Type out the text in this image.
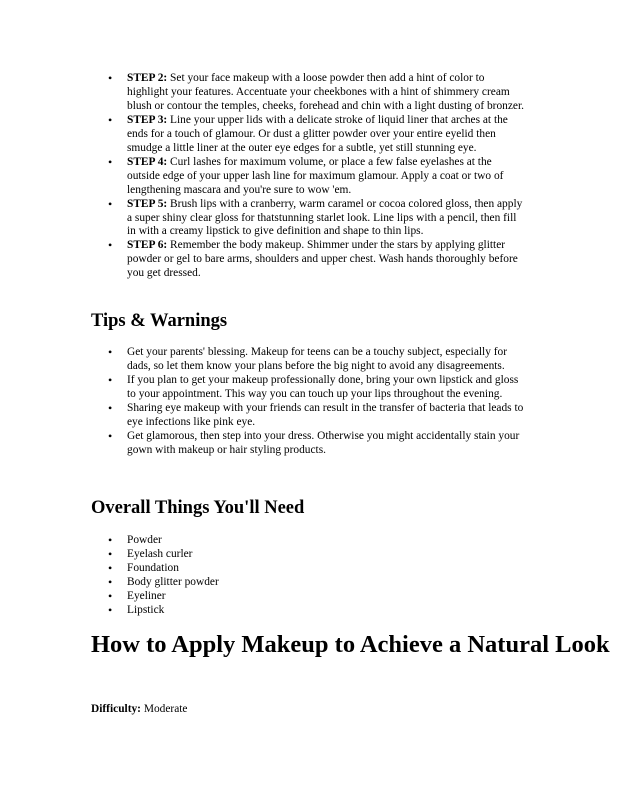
• STEP 2: Set your face makeup with a loose powder then add a hint of color to highlight your features. Accentuate your cheekbones with a hint of shimmery cream blush or contour the temples, cheeks, forehead and chin with a light dusting of bronzer.
• STEP 3: Line your upper lids with a delicate stroke of liquid liner that arches at the ends for a touch of glamour. Or dust a glitter powder over your entire eyelid then smudge a little liner at the outer eye edges for a subtle, yet still stunning eye.
• STEP 4: Curl lashes for maximum volume, or place a few false eyelashes at the outside edge of your upper lash line for maximum glamour. Apply a coat or two of lengthening mascara and you're sure to wow 'em.
• STEP 5: Brush lips with a cranberry, warm caramel or cocoa colored gloss, then apply a super shiny clear gloss for thatstunning starlet look. Line lips with a pencil, then fill in with a creamy lipstick to give definition and shape to thin lips.
• STEP 6: Remember the body makeup. Shimmer under the stars by applying glitter powder or gel to bare arms, shoulders and upper chest. Wash hands thoroughly before you get dressed.
Tips & Warnings
• Get your parents' blessing. Makeup for teens can be a touchy subject, especially for dads, so let them know your plans before the big night to avoid any disagreements.
• If you plan to get your makeup professionally done, bring your own lipstick and gloss to your appointment. This way you can touch up your lips throughout the evening.
• Sharing eye makeup with your friends can result in the transfer of bacteria that leads to eye infections like pink eye.
• Get glamorous, then step into your dress. Otherwise you might accidentally stain your gown with makeup or hair styling products.
Overall Things You'll Need
• Powder
• Eyelash curler
• Foundation
• Body glitter powder
• Eyeliner
• Lipstick
How to Apply Makeup to Achieve a Natural Look
Difficulty: Moderate
